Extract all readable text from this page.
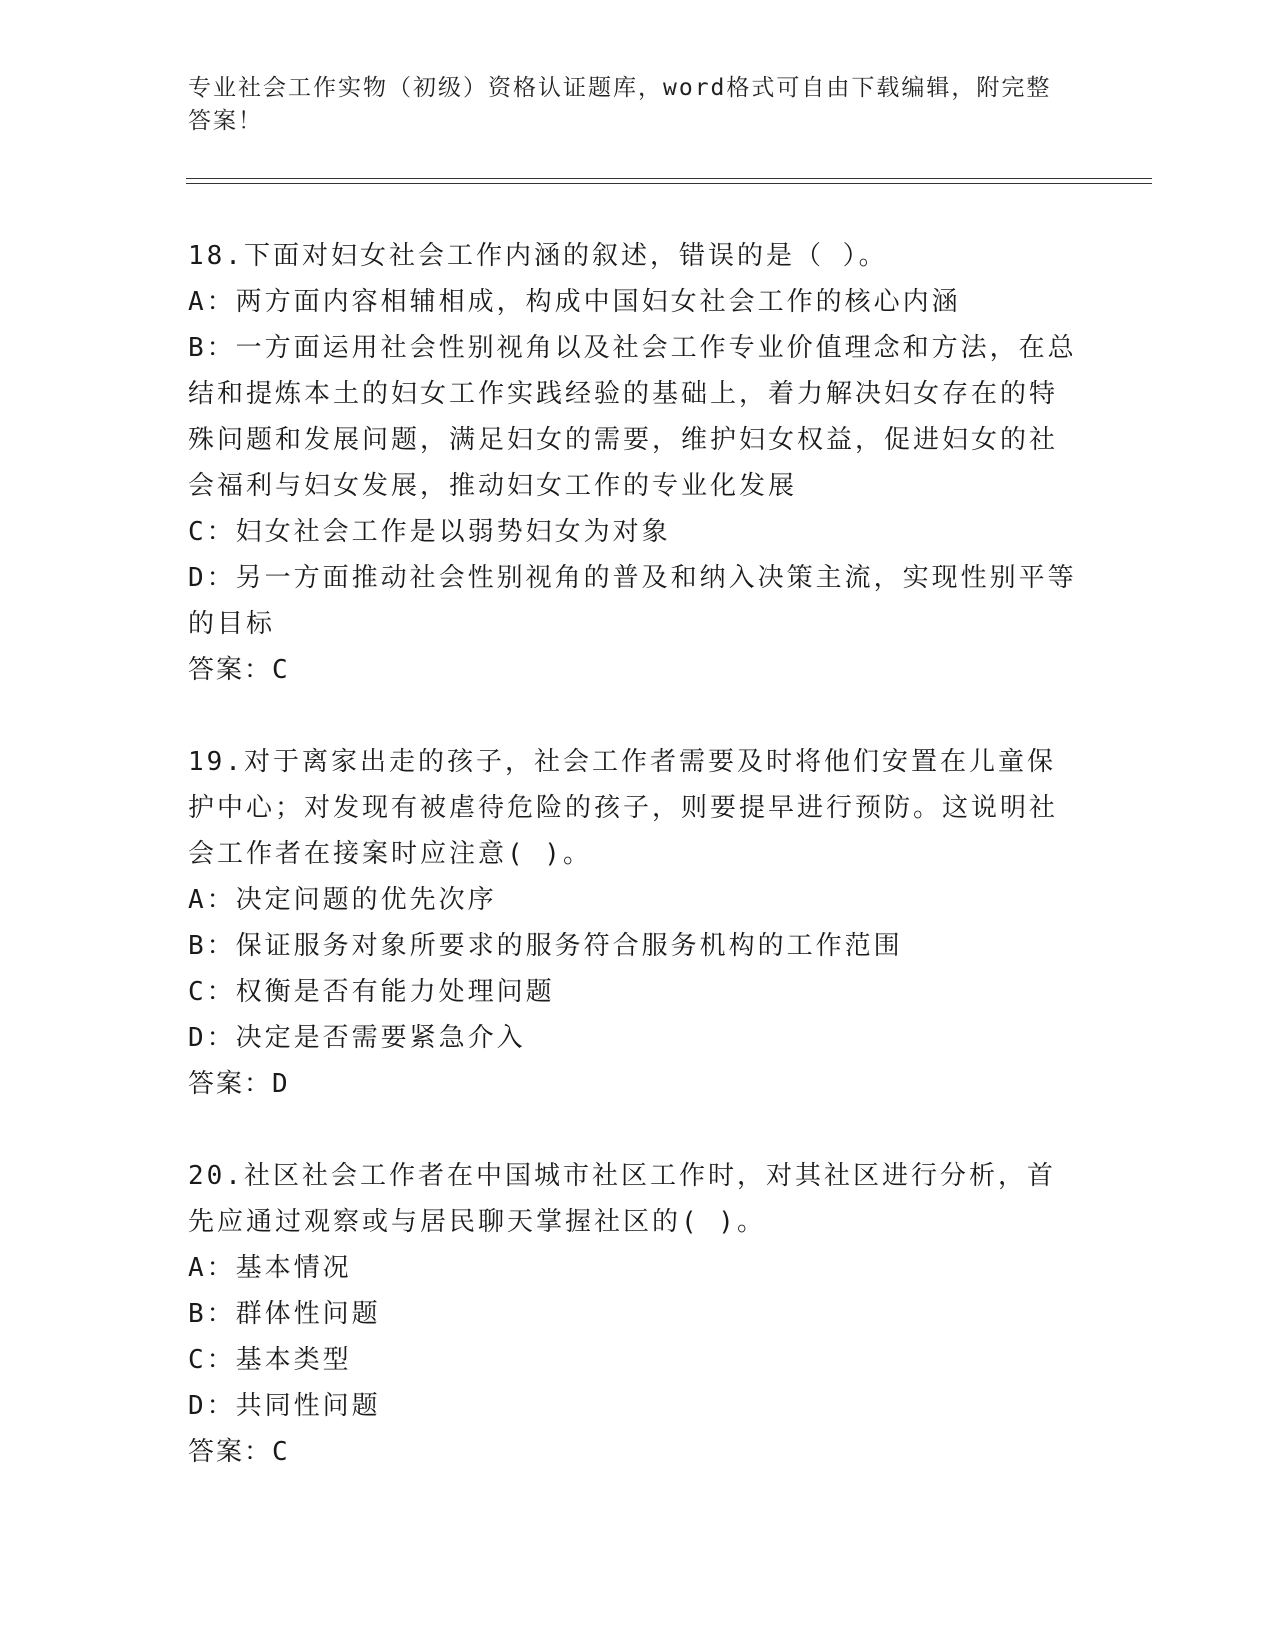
专业社会工作实物（初级）资格认证题库，word格式可自由下载编辑，附完整答案！

18.下面对妇女社会工作内涵的叙述，错误的是（ ）。

A：两方面内容相辅相成，构成中国妇女社会工作的核心内涵

B：一方面运用社会性别视角以及社会工作专业价值理念和方法，在总结和提炼本土的妇女工作实践经验的基础上，着力解决妇女存在的特殊问题和发展问题，满足妇女的需要，维护妇女权益，促进妇女的社会福利与妇女发展，推动妇女工作的专业化发展

C：妇女社会工作是以弱势妇女为对象

D：另一方面推动社会性别视角的普及和纳入决策主流，实现性别平等的目标

答案：C

19.对于离家出走的孩子，社会工作者需要及时将他们安置在儿童保护中心；对发现有被虐待危险的孩子，则要提早进行预防。这说明社会工作者在接案时应注意( )。

A：决定问题的优先次序

B：保证服务对象所要求的服务符合服务机构的工作范围

C：权衡是否有能力处理问题

D：决定是否需要紧急介入

答案：D

20.社区社会工作者在中国城市社区工作时，对其社区进行分析，首先应通过观察或与居民聊天掌握社区的( )。

A：基本情况

B：群体性问题

C：基本类型

D：共同性问题

答案：C
